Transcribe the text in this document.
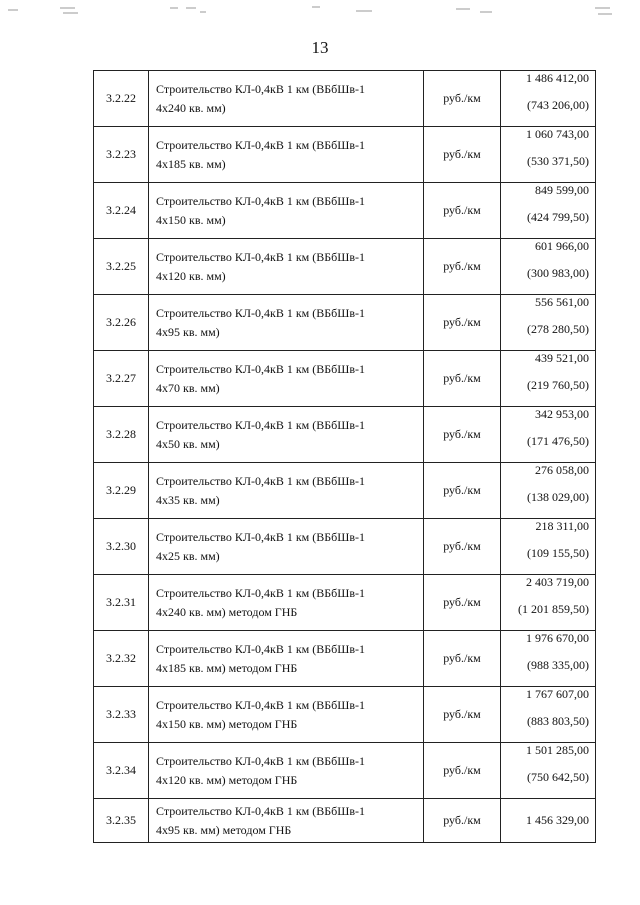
13
3.2.22	Строительство КЛ-0,4кВ 1 км (ВБбШв-1
4х240 кв. мм)	руб./км	1 486 412,00
(743 206,00)

3.2.23	Строительство КЛ-0,4кВ 1 км (ВБбШв-1
4х185 кв. мм)	руб./км	1 060 743,00
(530 371,50)

3.2.24	Строительство КЛ-0,4кВ 1 км (ВБбШв-1
4х150 кв. мм)	руб./км	849 599,00
(424 799,50)

3.2.25	Строительство КЛ-0,4кВ 1 км (ВБбШв-1
4х120 кв. мм)	руб./км	601 966,00
(300 983,00)

3.2.26	Строительство КЛ-0,4кВ 1 км (ВБбШв-1
4х95 кв. мм)	руб./км	556 561,00
(278 280,50)

3.2.27	Строительство КЛ-0,4кВ 1 км (ВБбШв-1
4х70 кв. мм)	руб./км	439 521,00
(219 760,50)

3.2.28	Строительство КЛ-0,4кВ 1 км (ВБбШв-1
4х50 кв. мм)	руб./км	342 953,00
(171 476,50)

3.2.29	Строительство КЛ-0,4кВ 1 км (ВБбШв-1
4х35 кв. мм)	руб./км	276 058,00
(138 029,00)

3.2.30	Строительство КЛ-0,4кВ 1 км (ВБбШв-1
4х25 кв. мм)	руб./км	218 311,00
(109 155,50)

3.2.31	Строительство КЛ-0,4кВ 1 км (ВБбШв-1
4х240 кв. мм) методом ГНБ	руб./км	2 403 719,00
(1 201 859,50)

3.2.32	Строительство КЛ-0,4кВ 1 км (ВБбШв-1
4х185 кв. мм) методом ГНБ	руб./км	1 976 670,00
(988 335,00)

3.2.33	Строительство КЛ-0,4кВ 1 км (ВБбШв-1
4х150 кв. мм) методом ГНБ	руб./км	1 767 607,00
(883 803,50)

3.2.34	Строительство КЛ-0,4кВ 1 км (ВБбШв-1
4х120 кв. мм) методом ГНБ	руб./км	1 501 285,00
(750 642,50)

3.2.35	Строительство КЛ-0,4кВ 1 км (ВБбШв-1
4х95 кв. мм) методом ГНБ	руб./км	1 456 329,00
